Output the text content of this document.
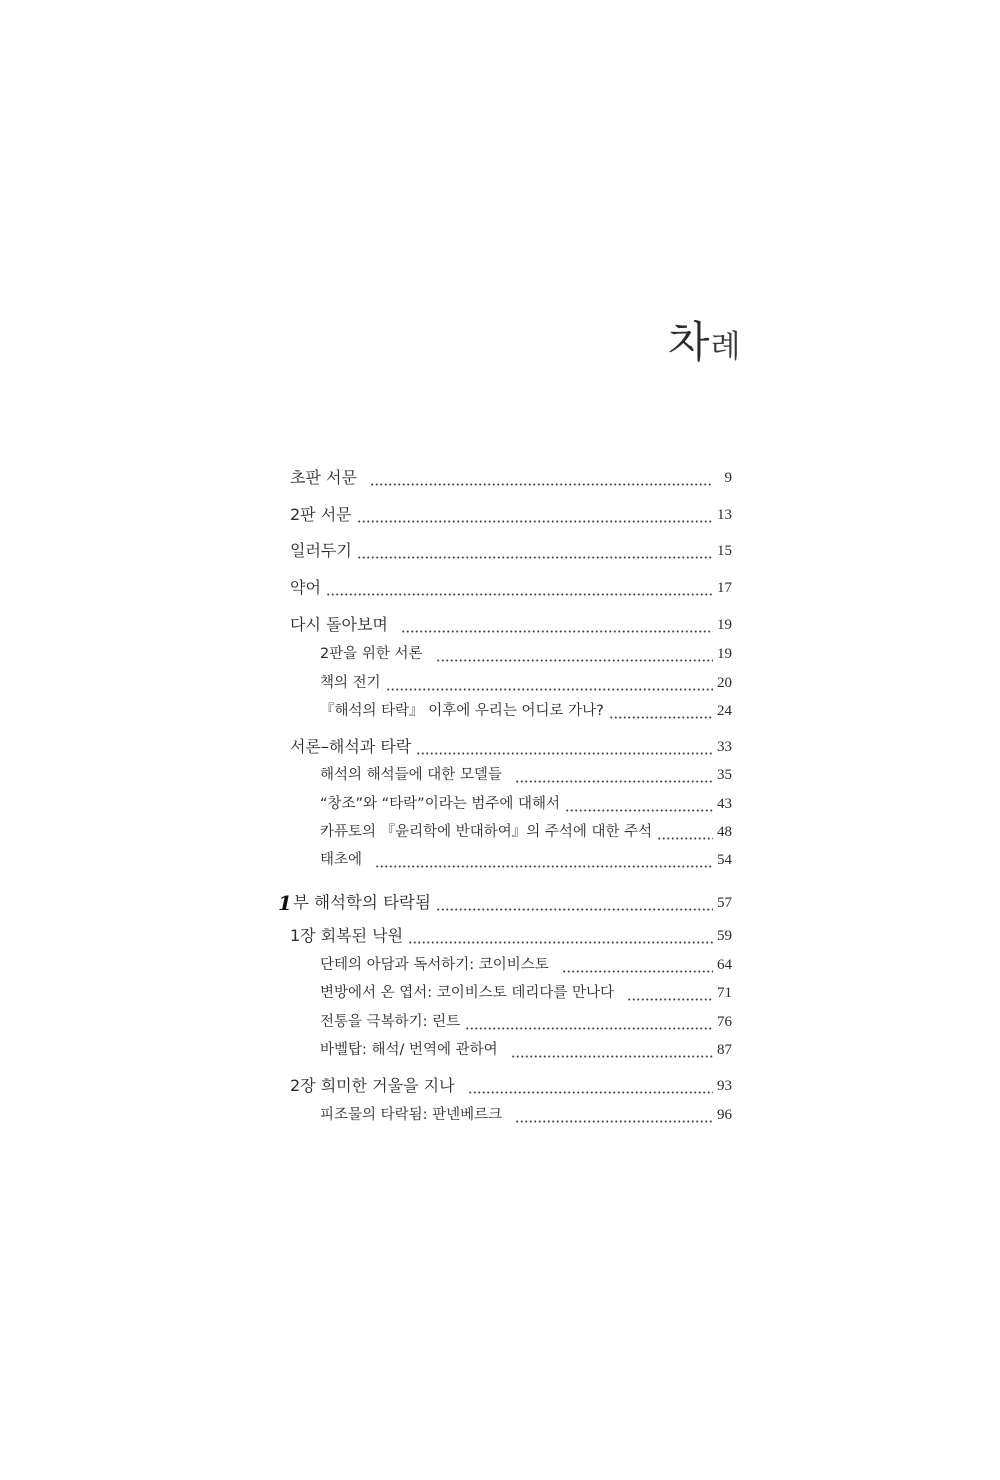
차례
초판 서문	9
2판 서문	13
일러두기	15
약어	17
다시 돌아보며	19
2판을 위한 서론	19
책의 전기	20
『해석의 타락』 이후에 우리는 어디로 가나?	24
서론–해석과 타락	33
해석의 해석들에 대한 모델들	35
“창조”와 “타락”이라는 범주에 대해서	43
카퓨토의 『윤리학에 반대하여』의 주석에 대한 주석	48
태초에	54
1 부 해석학의 타락됨	57
1장 회복된 낙원	59
단테의 아담과 독서하기: 코이비스토	64
변방에서 온 엽서: 코이비스토 데리다를 만나다	71
전통을 극복하기: 린트	76
바벨탑: 해석/ 번역에 관하여	87
2장 희미한 거울을 지나	93
피조물의 타락됨: 판넨베르크	96
